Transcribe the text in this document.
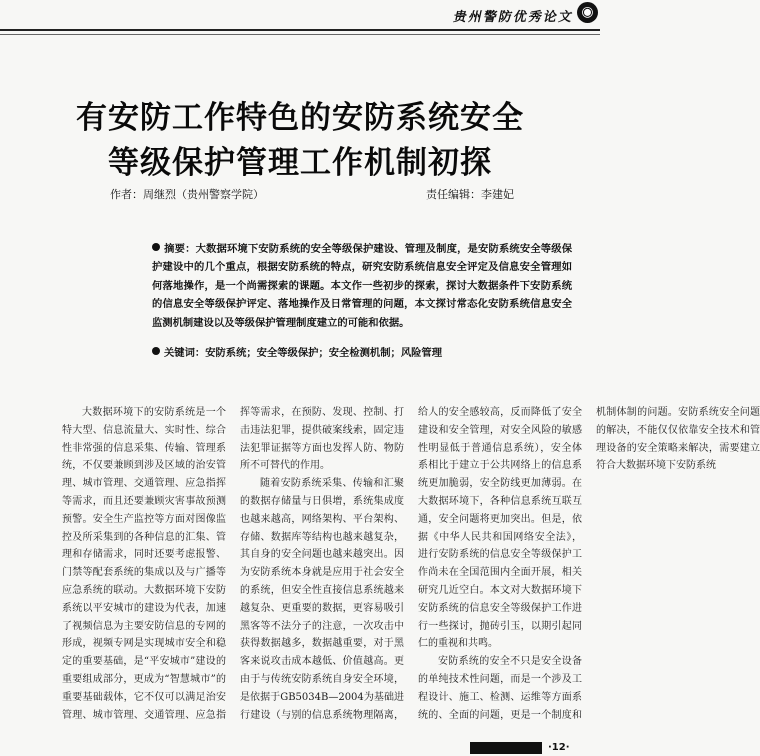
贵州警防优秀论文 ◉
有安防工作特色的安防系统安全
等级保护管理工作机制初探
作者：周继烈（贵州警察学院）	责任编辑：李建妃
摘要：大数据环境下安防系统的安全等级保护建设、管理及制度，是安防系统安全等级保护建设中的几个重点，根据安防系统的特点，研究安防系统信息安全评定及信息安全管理如何落地操作，是一个尚需探索的课题。本文作一些初步的探索，探讨大数据条件下安防系统的信息安全等级保护评定、落地操作及日常管理的问题，本文探讨常态化安防系统信息安全监测机制建设以及等级保护管理制度建立的可能和依据。
关键词：安防系统；安全等级保护；安全检测机制；风险管理

大数据环境下的安防系统是一个特大型、信息流量大、实时性、综合性非常强的信息采集、传输、管理系统，不仅要兼顾到涉及区域的治安管理、城市管理、交通管理、应急指挥等需求，而且还要兼顾灾害事故预测预警。安全生产监控等方面对图像监控及所采集到的各种信息的汇集、管理和存储需求，同时还要考虑报警、门禁等配套系统的集成以及与广播等应急系统的联动。大数据环境下安防系统以平安城市的建设为代表，加速了视频信息为主要安防信息的专网的形成，视频专网是实现城市安全和稳定的重要基础，是“平安城市”建设的重要组成部分，更成为“智慧城市”的重要基础载体，它不仅可以满足治安管理、城市管理、交通管理、应急指挥等需求，在预防、发现、控制、打击违法犯罪，提供破案线索，固定违法犯罪证据等方面也发挥人防、物防所不可替代的作用。

随着安防系统采集、传输和汇聚的数据存储量与日俱增，系统集成度也越来越高，网络架构、平台架构、存储、数据库等结构也越来越复杂，其自身的安全问题也越来越突出。因为安防系统本身就是应用于社会安全的系统，但安全性直接信息系统越来越复杂、更重要的数据，更容易吸引黑客等不法分子的注意，一次攻击中获得数据越多，数据越重要，对于黑客来说攻击成本越低、价值越高。更由于与传统安防系统自身安全环境，是依据于GB5034B—2004为基础进行建设（与别的信息系统物理隔离，给人的安全感较高，反而降低了安全建设和安全管理，对安全风险的敏感性明显低于普通信息系统），安全体系相比于建立于公共网络上的信息系统更加脆弱，安全防线更加薄弱。在大数据环境下，各种信息系统互联互通，安全问题将更加突出。但是，依据《中华人民共和国网络安全法》，进行安防系统的信息安全等级保护工作尚未在全国范围内全面开展，相关研究几近空白。本文对大数据环境下安防系统的信息安全等级保护工作进行一些探讨，抛砖引玉，以期引起同仁的重视和共鸣。

安防系统的安全不只是安全设备的单纯技术性问题，而是一个涉及工程设计、施工、检测、运维等方面系统的、全面的问题，更是一个制度和机制体制的问题。安防系统安全问题的解决，不能仅仅依靠安全技术和管理设备的安全策略来解决，需要建立符合大数据环境下安防系统

·12·
